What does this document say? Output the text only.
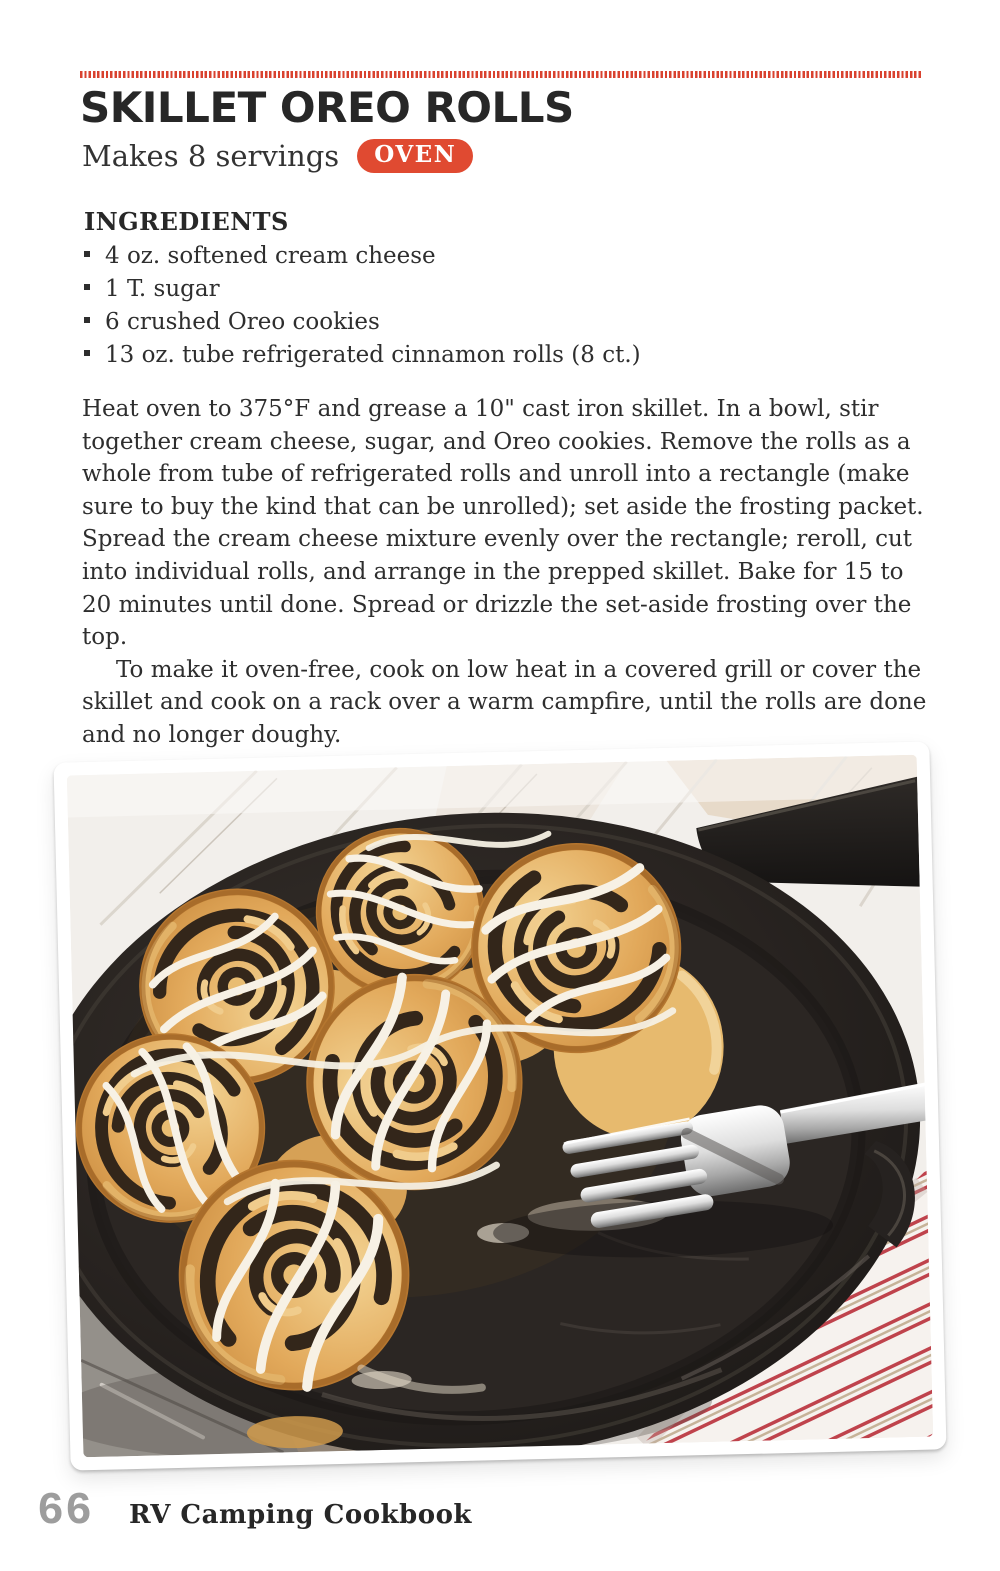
SKILLET OREO ROLLS
Makes 8 servings	OVEN
INGREDIENTS
4 oz. softened cream cheese
1 T. sugar
6 crushed Oreo cookies
13 oz. tube refrigerated cinnamon rolls (8 ct.)

Heat oven to 375°F and grease a 10" cast iron skillet. In a bowl, stir together cream cheese, sugar, and Oreo cookies. Remove the rolls as a whole from tube of refrigerated rolls and unroll into a rectangle (make sure to buy the kind that can be unrolled); set aside the frosting packet. Spread the cream cheese mixture evenly over the rectangle; reroll, cut into individual rolls, and arrange in the prepped skillet. Bake for 15 to 20 minutes until done. Spread or drizzle the set-aside frosting over the top.

To make it oven-free, cook on low heat in a covered grill or cover the skillet and cook on a rack over a warm campfire, until the rolls are done and no longer doughy.

66 RV Camping Cookbook
